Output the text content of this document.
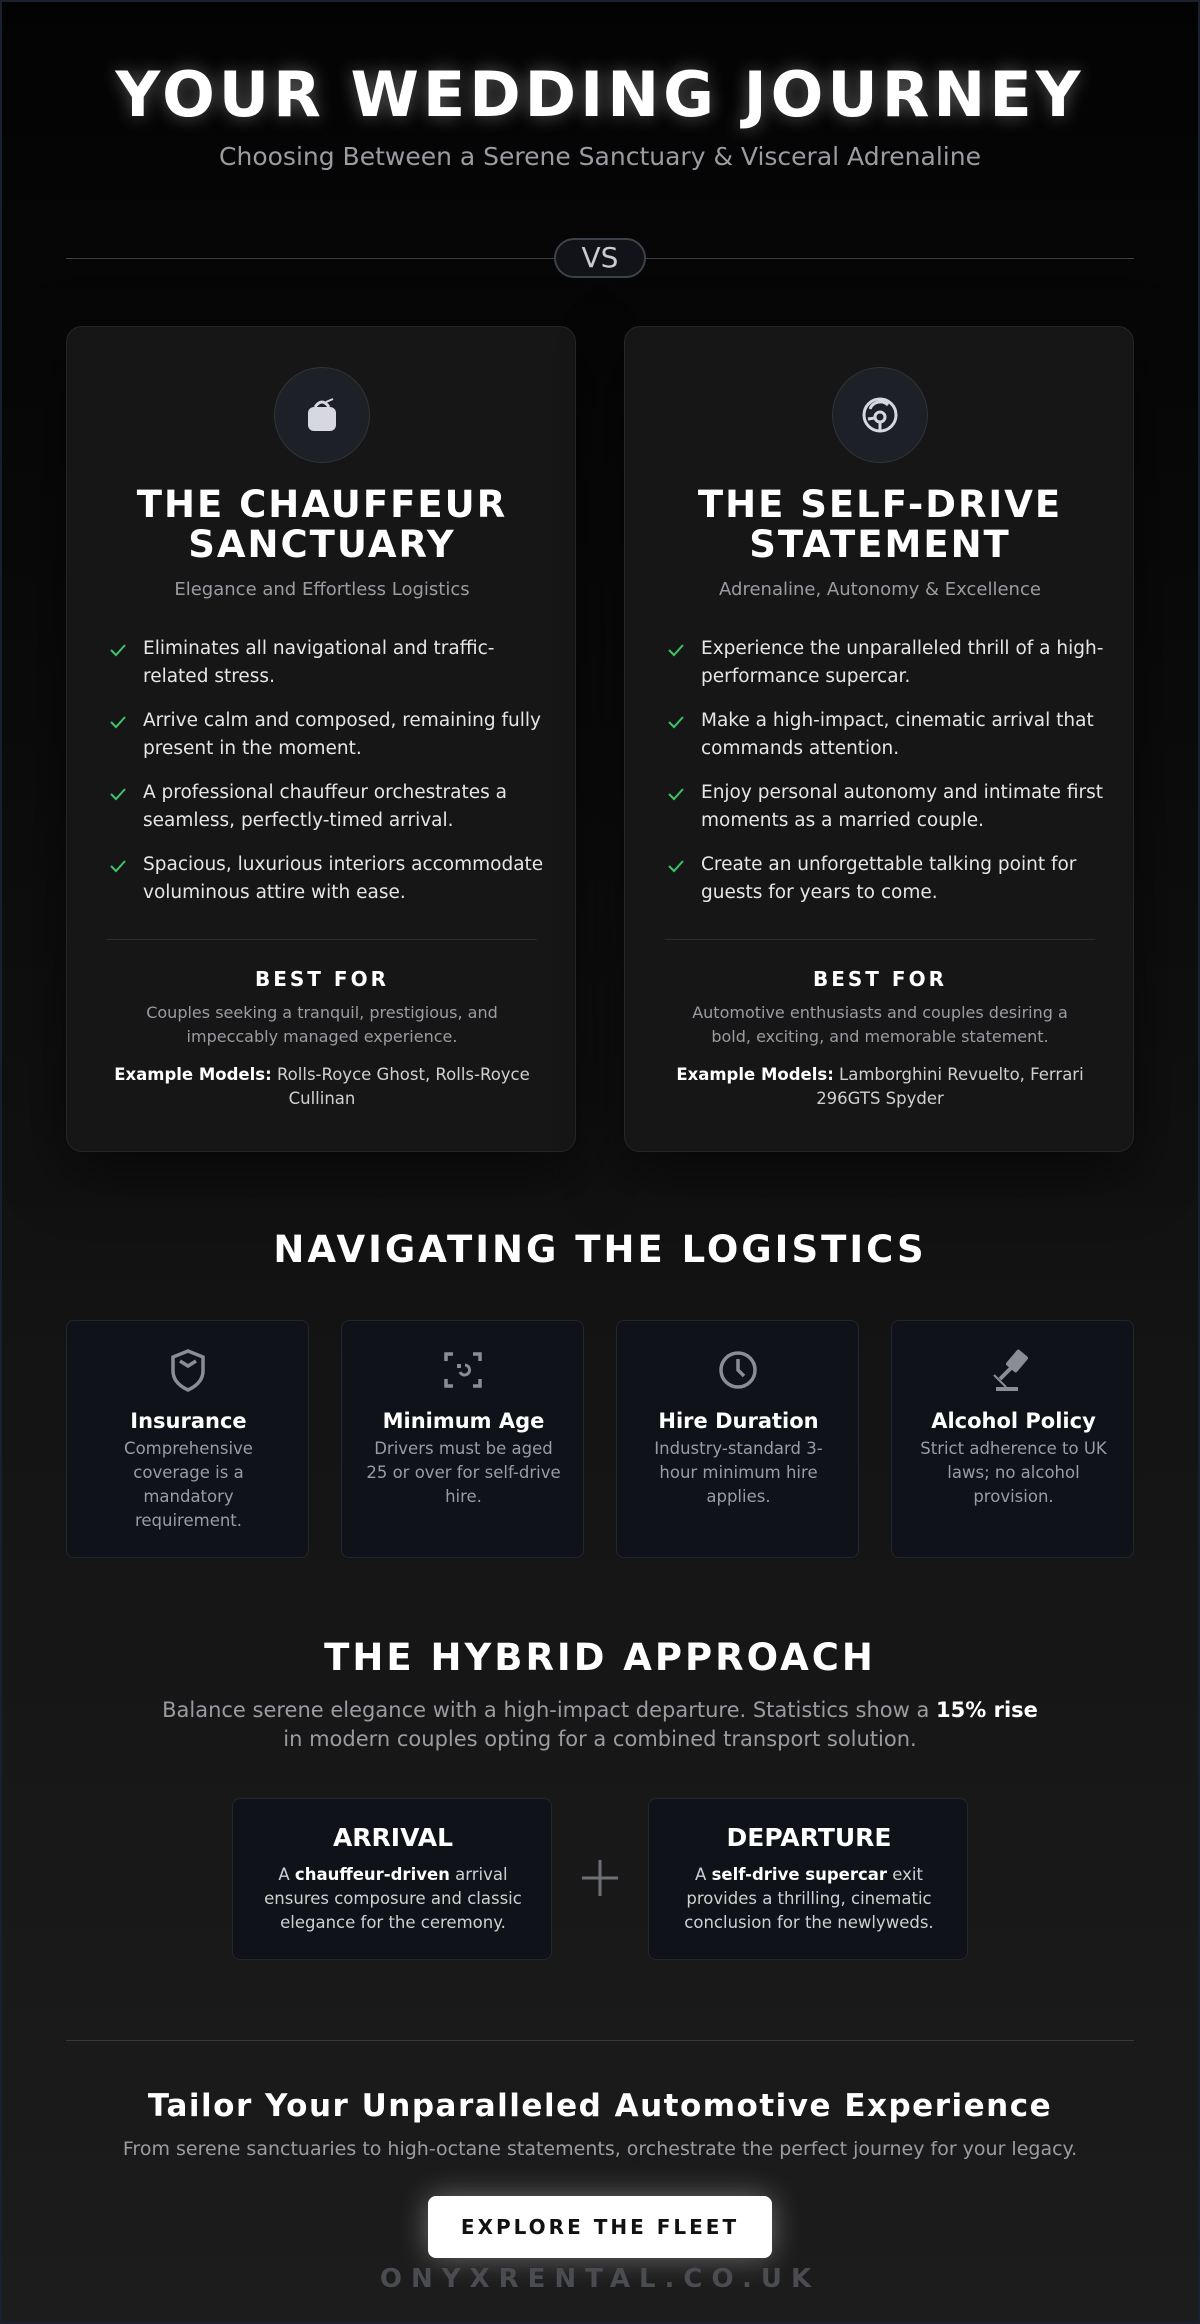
YOUR WEDDING JOURNEY

Choosing Between a Serene Sanctuary & Visceral Adrenaline

VS
THE CHAUFFEUR
SANCTUARY

Elegance and Effortless Logistics

Eliminates all navigational and traffic-related stress.
Arrive calm and composed, remaining fully present in the moment.
A professional chauffeur orchestrates a seamless, perfectly-timed arrival.
Spacious, luxurious interiors accommodate voluminous attire with ease.
BEST FOR

Couples seeking a tranquil, prestigious, and impeccably managed experience.

Example Models: Rolls-Royce Ghost, Rolls-Royce Cullinan

THE SELF-DRIVE
STATEMENT

Adrenaline, Autonomy & Excellence

Experience the unparalleled thrill of a high-performance supercar.
Make a high-impact, cinematic arrival that commands attention.
Enjoy personal autonomy and intimate first moments as a married couple.
Create an unforgettable talking point for guests for years to come.
BEST FOR

Automotive enthusiasts and couples desiring a bold, exciting, and memorable statement.

Example Models: Lamborghini Revuelto, Ferrari 296GTS Spyder

NAVIGATING THE LOGISTICS
Insurance
Comprehensive coverage is a mandatory requirement.
Minimum Age
Drivers must be aged 25 or over for self-drive hire.
Hire Duration
Industry-standard 3-hour minimum hire applies.
Alcohol Policy
Strict adherence to UK laws; no alcohol provision.
THE HYBRID APPROACH

Balance serene elegance with a high-impact departure. Statistics show a 15% rise in modern couples opting for a combined transport solution.

ARRIVAL
A chauffeur-driven arrival ensures composure and classic elegance for the ceremony.
DEPARTURE
A self-drive supercar exit provides a thrilling, cinematic conclusion for the newlyweds.
Tailor Your Unparalleled Automotive Experience

From serene sanctuaries to high-octane statements, orchestrate the perfect journey for your legacy.

EXPLORE THE FLEET
ONYXRENTAL.CO.UK
